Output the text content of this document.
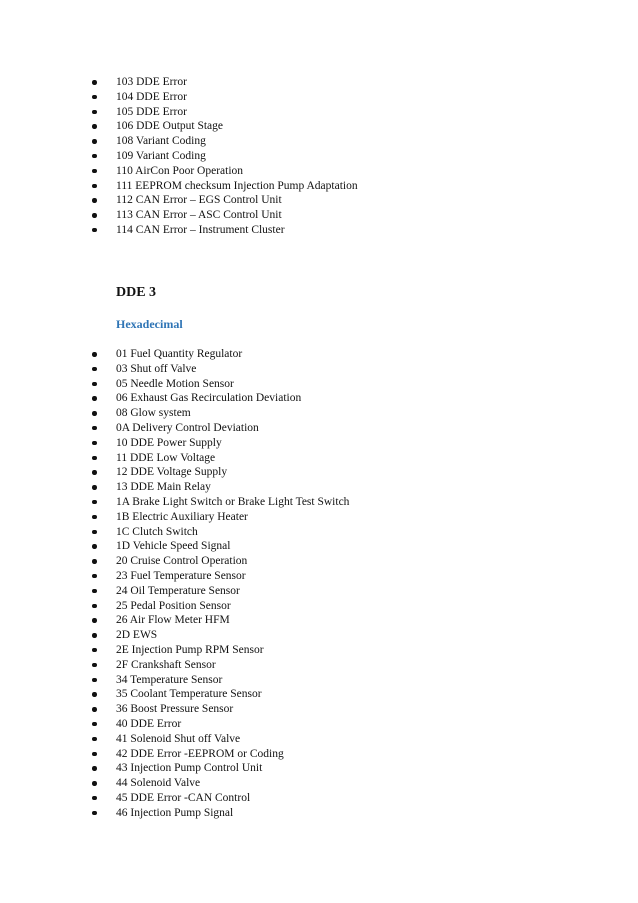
103 DDE Error
104 DDE Error
105 DDE Error
106 DDE Output Stage
108 Variant Coding
109 Variant Coding
110 AirCon Poor Operation
111 EEPROM checksum Injection Pump Adaptation
112 CAN Error – EGS Control Unit
113 CAN Error – ASC Control Unit
114 CAN Error – Instrument Cluster
DDE 3
Hexadecimal
01 Fuel Quantity Regulator
03 Shut off Valve
05 Needle Motion Sensor
06 Exhaust Gas Recirculation Deviation
08 Glow system
0A Delivery Control Deviation
10 DDE Power Supply
11 DDE Low Voltage
12 DDE Voltage Supply
13 DDE Main Relay
1A Brake Light Switch or Brake Light Test Switch
1B Electric Auxiliary Heater
1C Clutch Switch
1D Vehicle Speed Signal
20 Cruise Control Operation
23 Fuel Temperature Sensor
24 Oil Temperature Sensor
25 Pedal Position Sensor
26 Air Flow Meter HFM
2D EWS
2E Injection Pump RPM Sensor
2F Crankshaft Sensor
34 Temperature Sensor
35 Coolant Temperature Sensor
36 Boost Pressure Sensor
40 DDE Error
41 Solenoid Shut off Valve
42 DDE Error -EEPROM or Coding
43 Injection Pump Control Unit
44 Solenoid Valve
45 DDE Error -CAN Control
46 Injection Pump Signal
